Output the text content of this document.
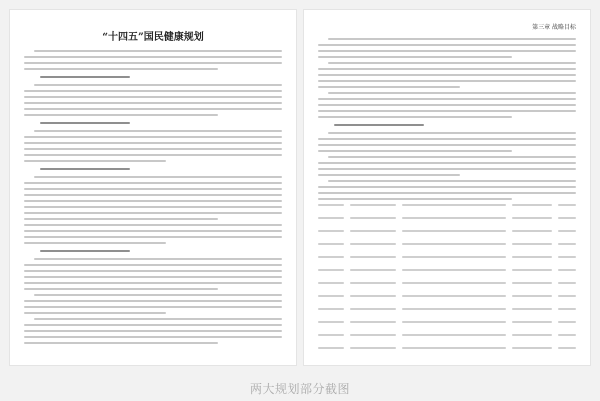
“十四五”国民健康规划
第三章 战略目标
两大规划部分截图
